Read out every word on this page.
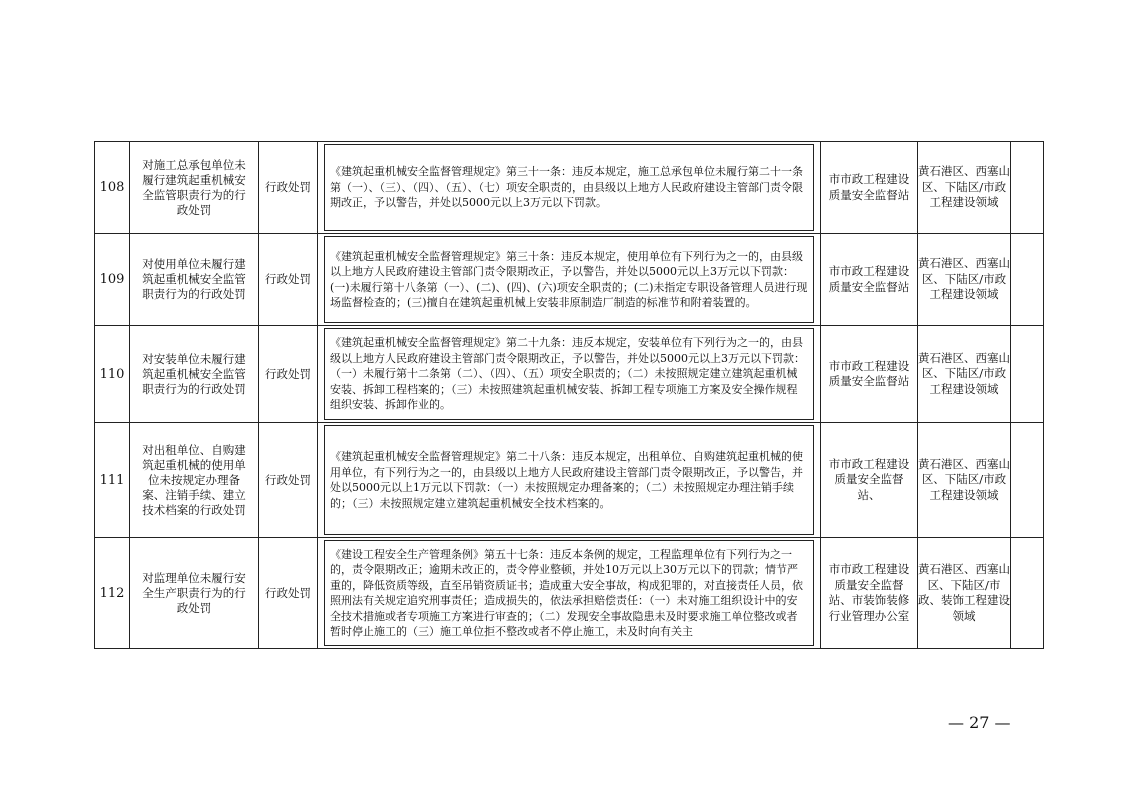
108	对施工总承包单位未履行建筑起重机械安全监管职责行为的行政处罚	行政处罚	《建筑起重机械安全监督管理规定》第三十一条：违反本规定，施工总承包单位未履行第二十一条第（一）、（三）、（四）、（五）、（七）项安全职责的，由县级以上地方人民政府建设主管部门责令限期改正，予以警告，并处以5000元以上3万元以下罚款。	市市政工程建设质量安全监督站	黄石港区、西塞山区、下陆区/市政工程建设领域	
109	对使用单位未履行建筑起重机械安全监管职责行为的行政处罚	行政处罚	《建筑起重机械安全监督管理规定》第三十条：违反本规定，使用单位有下列行为之一的，由县级以上地方人民政府建设主管部门责令限期改正，予以警告，并处以5000元以上3万元以下罚款：(一)未履行第十八条第（一）、(二)、(四)、(六)项安全职责的；(二)未指定专职设备管理人员进行现场监督检查的；(三)擅自在建筑起重机械上安装非原制造厂制造的标准节和附着装置的。	市市政工程建设质量安全监督站	黄石港区、西塞山区、下陆区/市政工程建设领域	
110	对安装单位未履行建筑起重机械安全监管职责行为的行政处罚	行政处罚	《建筑起重机械安全监督管理规定》第二十九条：违反本规定，安装单位有下列行为之一的，由县级以上地方人民政府建设主管部门责令限期改正，予以警告，并处以5000元以上3万元以下罚款：（一）未履行第十二条第（二）、（四）、（五）项安全职责的；（二）未按照规定建立建筑起重机械安装、拆卸工程档案的；（三）未按照建筑起重机械安装、拆卸工程专项施工方案及安全操作规程组织安装、拆卸作业的。	市市政工程建设质量安全监督站	黄石港区、西塞山区、下陆区/市政工程建设领域	
111	对出租单位、自购建筑起重机械的使用单位未按规定办理备案、注销手续、建立技术档案的行政处罚	行政处罚	《建筑起重机械安全监督管理规定》第二十八条：违反本规定，出租单位、自购建筑起重机械的使用单位，有下列行为之一的，由县级以上地方人民政府建设主管部门责令限期改正，予以警告，并处以5000元以上1万元以下罚款：（一）未按照规定办理备案的；（二）未按照规定办理注销手续的；（三）未按照规定建立建筑起重机械安全技术档案的。	市市政工程建设质量安全监督站、	黄石港区、西塞山区、下陆区/市政工程建设领域	
112	对监理单位未履行安全生产职责行为的行政处罚	行政处罚	《建设工程安全生产管理条例》第五十七条：违反本条例的规定，工程监理单位有下列行为之一的，责令限期改正；逾期未改正的，责令停业整顿，并处10万元以上30万元以下的罚款；情节严重的，降低资质等级，直至吊销资质证书；造成重大安全事故，构成犯罪的，对直接责任人员，依照刑法有关规定追究刑事责任；造成损失的，依法承担赔偿责任：（一）未对施工组织设计中的安全技术措施或者专项施工方案进行审查的；（二）发现安全事故隐患未及时要求施工单位整改或者暂时停止施工的（三）施工单位拒不整改或者不停止施工，未及时向有关主	市市政工程建设质量安全监督站、市装饰装修行业管理办公室	黄石港区、西塞山区、下陆区/市政、装饰工程建设领域	
— 27 —
